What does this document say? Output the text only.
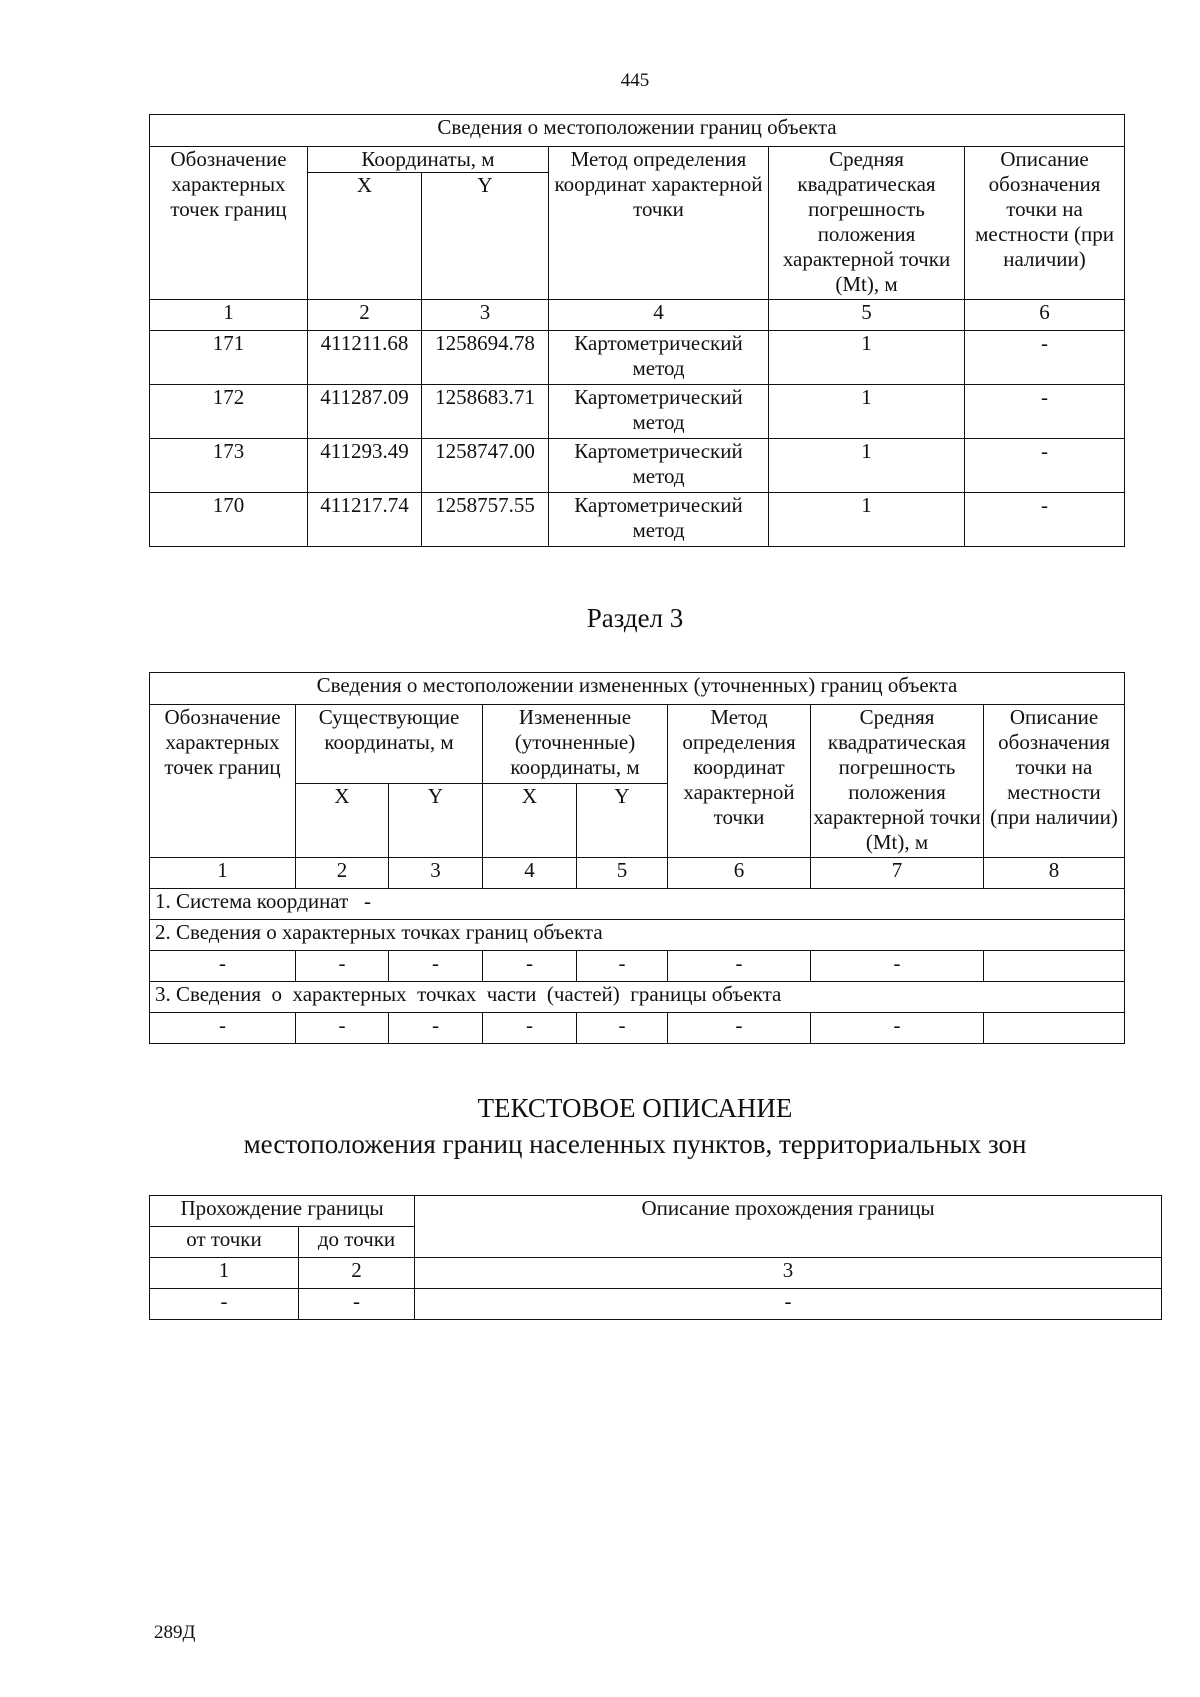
445
Сведения о местоположении границ объекта					
Обозначение характерных точек границ	Координаты, м		Метод определения координат характерной точки	Средняя квадратическая погрешность положения характерной точки (Mt), м	Описание обозначения точки на местности (при наличии)
	X	Y			
1	2	3	4	5	6
171	411211.68	1258694.78	Картометрический метод	1	-
172	411287.09	1258683.71	Картометрический метод	1	-
173	411293.49	1258747.00	Картометрический метод	1	-
170	411217.74	1258757.55	Картометрический метод	1	-
Раздел 3
Сведения о местоположении измененных (уточненных) границ объекта							
Обозначение характерных точек границ	Существующие координаты, м		Измененные (уточненные) координаты, м		Метод определения координат характерной точки	Средняя квадратическая погрешность положения характерной точки (Mt), м	Описание обозначения точки на местности (при наличии)
	X	Y	X	Y			
1	2	3	4	5	6	7	8
1. Система координат   -							
2. Сведения о характерных точках границ объекта							
-	-	-	-	-	-	-	
3. Сведения  о  характерных  точках  части  (частей)  границы объекта							
-	-	-	-	-	-	-	
ТЕКСТОВОЕ ОПИСАНИЕ
местоположения границ населенных пунктов, территориальных зон
Прохождение границы		Описание прохождения границы
от точки	до точки	
1	2	3
-	-	-
289Д
